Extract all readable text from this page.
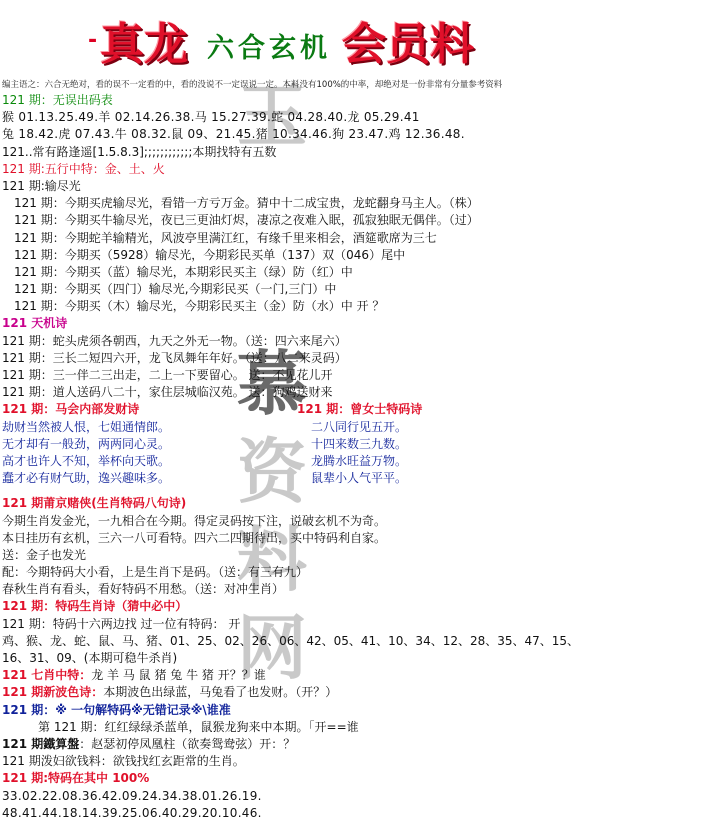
玉
慕
资
料
网
- 真龙 六合玄机 会员料
编主语之：六合无绝对，看的误不一定看的中，看的没说不一定误说一定。本料没有100%的中率，却绝对是一份非常有分量参考资料
121 期：无误出码表
猴 01.13.25.49.羊 02.14.26.38.马 15.27.39.蛇 04.28.40.龙 05.29.41
兔 18.42.虎 07.43.牛 08.32.鼠 09、21.45.猪 10.34.46.狗 23.47.鸡 12.36.48.
121..常有路逢遥[1.5.8.3];;;;;;;;;;;;本期找特有五数
121 期:五行中特：金、土、火
121 期:输尽光
121 期：今期买虎输尽光，看错一方亏万金。猜中十二成宝贵，龙蛇翻身马主人。（株）
121 期：今期买牛输尽光，夜已三更油灯烬，凄凉之夜难入眠，孤寂独眠无偶伴。（过）
121 期：今期蛇羊输精光，风波亭里满江红，有缘千里来相会，酒筵歌席为三七
121 期：今期买（5928）输尽光，今期彩民买单（137）双（046）尾中
121 期：今期买（蓝）输尽光，本期彩民买主（绿）防（红）中
121 期：今期买（四门）输尽光,今期彩民买（一门,三门）中
121 期：今期买（木）输尽光，今期彩民买主（金）防（水）中 开 ？
121 天机诗
121 期：蛇头虎须各朝西，九天之外无一物。（送：四六来尾六）
121 期：三长二短四六开，龙飞凤舞年年好。（送：八二来灵码）
121 期：三一伴二三出走，二上一下要留心。 送：不见花儿开
121 期：道人送码八二十，家住层城临汉苑。 送：狗鸡送财来
121 期：马会内部发财诗
劫财当然被人恨，七姐通情郎。
无才却有一般劲，两两同心灵。
高才也许人不知，举杯向天歌。
蠢才必有财气助，逸兴趣味多。
121 期：曾女士特码诗
二八同行见五开。
十四来数三九数。
龙腾水旺益万物。
鼠辈小人气平平。
121 期莆京赌侠(生肖特码八句诗)
今期生肖发金光，一九相合在今期。得定灵码按下注，说破玄机不为奇。
本日挂历有玄机，三六一八可看特。四六二四期待出，买中特码利自家。
送：金子也发光
配：今期特码大小看，上是生肖下是码。（送：有三有九）
春秋生肖有看头，看好特码不用愁。（送：对冲生肖）
121 期：特码生肖诗（猜中必中）
121 期：特码十六两边找 过一位有特码： 开
鸡、猴、龙、蛇、鼠、马、猪、01、25、02、26、06、42、05、41、10、34、12、28、35、47、15、
16、31、09、(本期可稳牛杀肖)
121 七肖中特：龙 羊 马 鼠 猪 兔 牛 猪 开？？谁
121 期新波色诗：本期波色出绿蓝，马兔看了也发财。（开？）
121 期：※ 一句解特码※无错记录※\谁准
第 121 期：红红绿绿杀蓝单，鼠猴龙狗来中本期。「开==谁
121 期鐵算盤：赵瑟初停凤凰柱（欲奏鸳鸯弦）开：？
121 期泼妇欲钱料：欲钱找红玄距常的生肖。
121 期:特码在其中 100%
33.02.22.08.36.42.09.24.34.38.01.26.19.
48.41.44.18.14.39.25.06.40.29.20.10.46.
